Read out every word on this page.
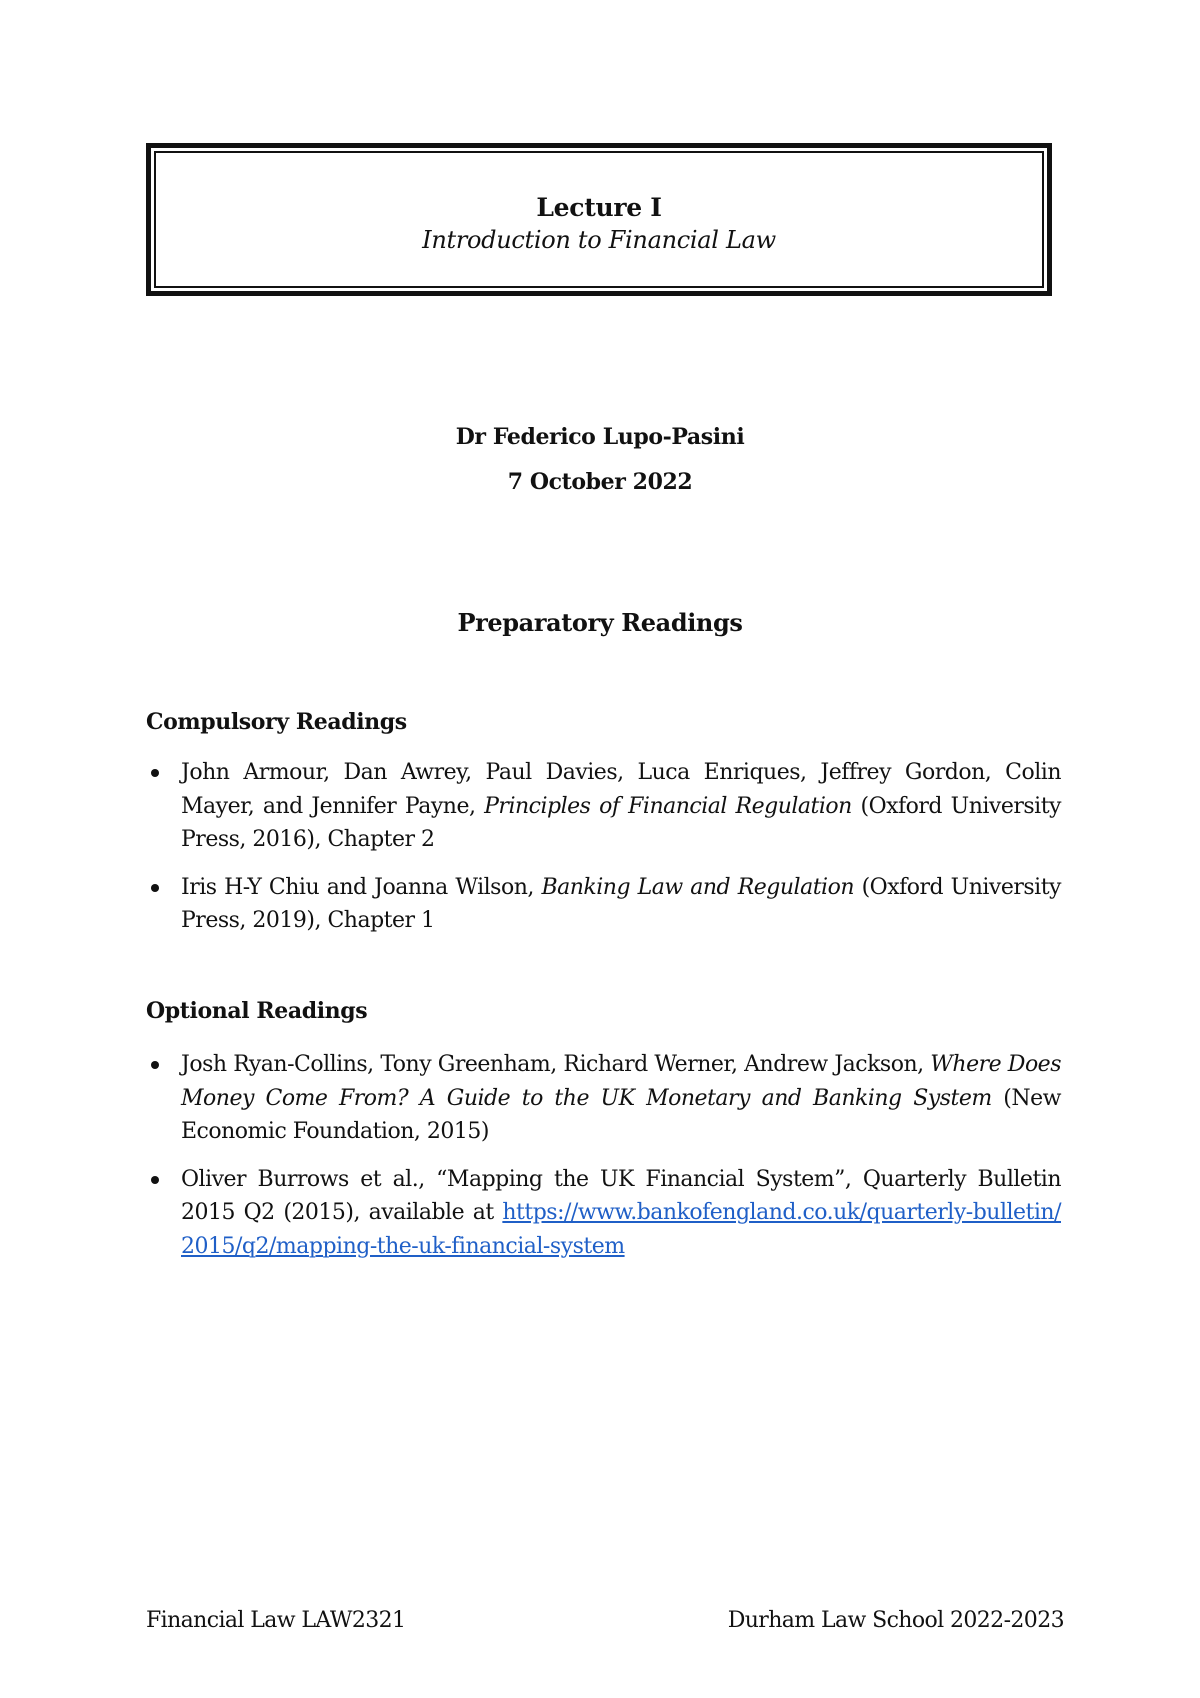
Lecture I
Introduction to Financial Law
Dr Federico Lupo-Pasini
7 October 2022
Preparatory Readings
Compulsory Readings
John Armour, Dan Awrey, Paul Davies, Luca Enriques, Jeffrey Gordon, Colin Mayer, and Jennifer Payne, Principles of Financial Regulation (Oxford University Press, 2016), Chapter 2
Iris H-Y Chiu and Joanna Wilson, Banking Law and Regulation (Oxford University Press, 2019), Chapter 1
Optional Readings
Josh Ryan-Collins, Tony Greenham, Richard Werner, Andrew Jackson, Where Does Money Come From? A Guide to the UK Monetary and Banking System (New Economic Foundation, 2015)
Oliver Burrows et al., “Mapping the UK Financial System”, Quarterly Bulletin 2015 Q2 (2015), available at https://www.bankofengland.co.uk/quarterly-bulletin/2015/q2/mapping-the-uk-financial-system
Financial Law LAW2321	Durham Law School 2022-2023
